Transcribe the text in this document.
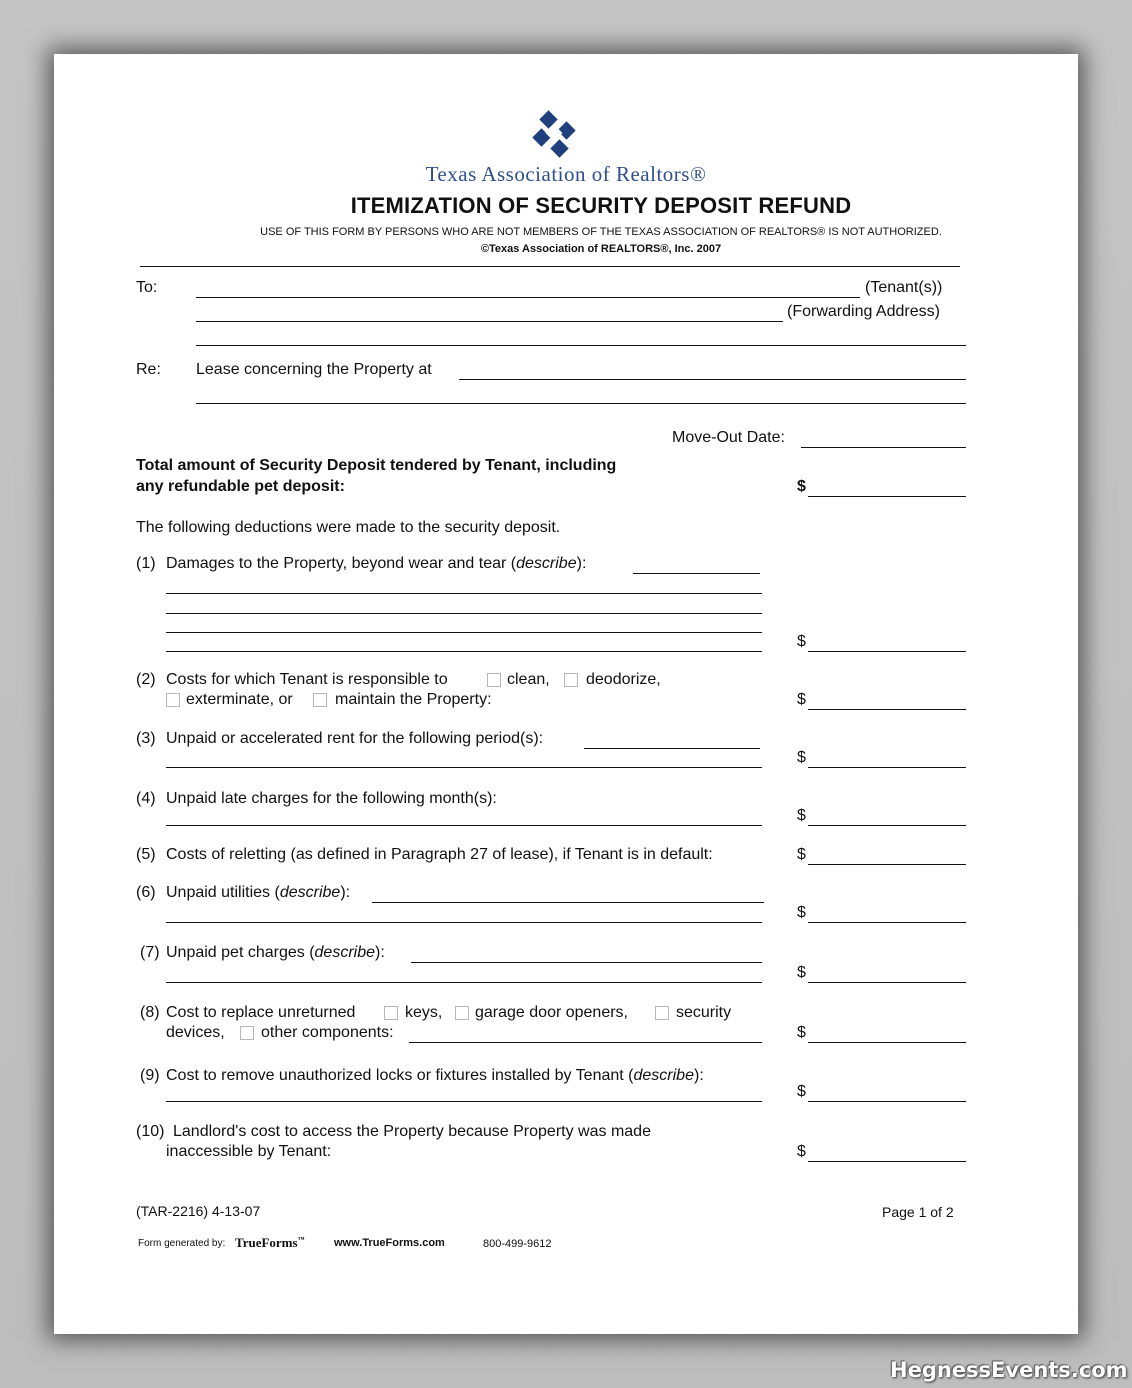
Texas Association of Realtors®
ITEMIZATION OF SECURITY DEPOSIT REFUND
USE OF THIS FORM BY PERSONS WHO ARE NOT MEMBERS OF THE TEXAS ASSOCIATION OF REALTORS® IS NOT AUTHORIZED.
©Texas Association of REALTORS®, Inc. 2007
To:	(Tenant(s))
(Forwarding Address)
Re: Lease concerning the Property at
Move-Out Date:
Total amount of Security Deposit tendered by Tenant, including
any refundable pet deposit:	$
The following deductions were made to the security deposit.
(1) Damages to the Property, beyond wear and tear (describe):
$
(2) Costs for which Tenant is responsible to	clean, deodorize,
exterminate, or	maintain the Property:	$
(3) Unpaid or accelerated rent for the following period(s):
$
(4) Unpaid late charges for the following month(s):
$
(5) Costs of reletting (as defined in Paragraph 27 of lease), if Tenant is in default:	$
(6) Unpaid utilities (describe):
$
(7) Unpaid pet charges (describe):
$
(8) Cost to replace unreturned	keys, garage door openers,	security
devices, other components:	$
(9) Cost to remove unauthorized locks or fixtures installed by Tenant (describe):
$
(10) Landlord's cost to access the Property because Property was made
inaccessible by Tenant:	$
(TAR-2216) 4-13-07	Page 1 of 2
Form generated by: TrueForms™	www.TrueForms.com	800-499-9612
HegnessEvents.com
